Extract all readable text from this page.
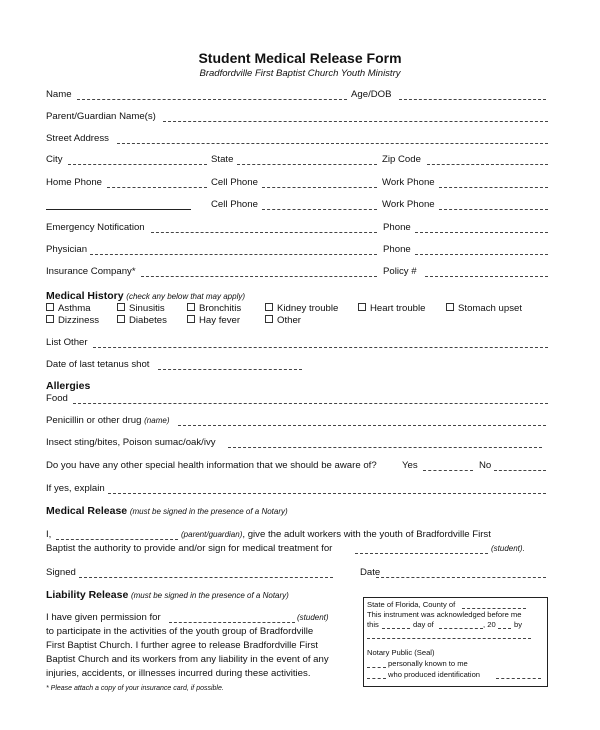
Student Medical Release Form
Bradfordville First Baptist Church Youth Ministry
Name	Age/DOB
Parent/Guardian Name(s)
Street Address
City	State	Zip Code
Home Phone	Cell Phone	Work Phone
Cell Phone	Work Phone
Emergency Notification	Phone
Physician	Phone
Insurance Company*	Policy #
Medical History (check any below that may apply)
Asthma	Sinusitis	Bronchitis	Kidney trouble	Heart trouble	Stomach upset
Dizziness	Diabetes	Hay fever	Other
List Other
Date of last tetanus shot
Allergies
Food
Penicillin or other drug (name)
Insect sting/bites, Poison sumac/oak/ivy
Do you have any other special health information that we should be aware of?	Yes	No
If yes, explain
Medical Release (must be signed in the presence of a Notary)
I,	(parent/guardian), give the adult workers with the youth of Bradfordville First
Baptist the authority to provide and/or sign for medical treatment for	(student).
Signed	Date
Liability Release (must be signed in the presence of a Notary)
I have given permission for	(student)
to participate in the activities of the youth group of Bradfordville
First Baptist Church. I further agree to release Bradfordville First
Baptist Church and its workers from any liability in the event of any
injuries, accidents, or illnesses incurred during these activities.
* Please attach a copy of your insurance card, if possible.
State of Florida, County of
This instrument was acknowledged before me
this	day of	, 20 by
Notary Public (Seal)
personally known to me
who produced identification
